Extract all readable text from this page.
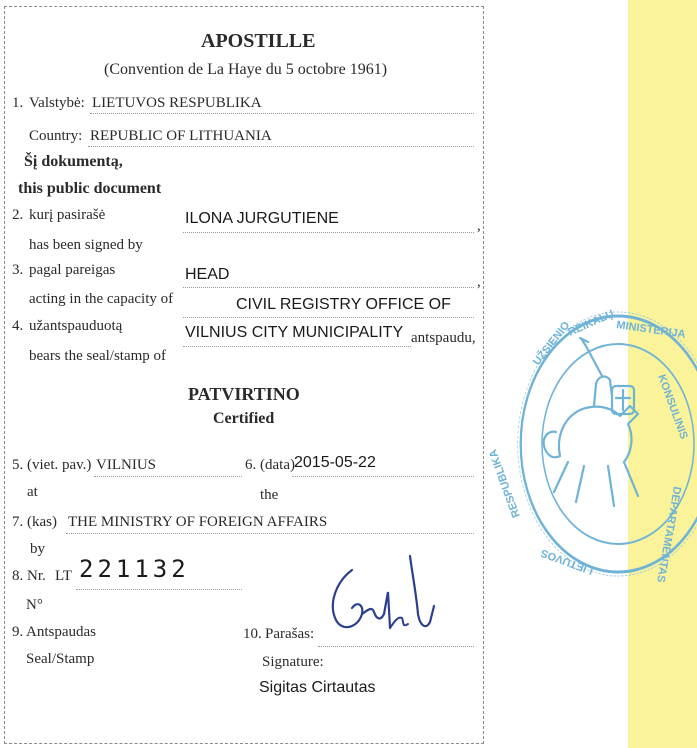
APOSTILLE
(Convention de La Haye du 5 octobre 1961)
1. Valstybė: LIETUVOS RESPUBLIKA
Country: REPUBLIC OF LITHUANIA
Šį dokumentą,
this public document
2. kurį pasirašė	ILONA JURGUTIENE	,
has been signed by
3. pagal pareigas	HEAD	,
acting in the capacity of	CIVIL REGISTRY OFFICE OF
4. užantspauduotą	VILNIUS CITY MUNICIPALITY antspaudu,
bears the seal/stamp of
PATVIRTINO
Certified
5. (viet. pav.) VILNIUS
at
6. (data) 2015-05-22
the
7. (kas) THE MINISTRY OF FOREIGN AFFAIRS
by
8. Nr. LT 221132
N°
9. Antspaudas
Seal/Stamp
10. Parašas:
Signature:
Sigitas Cirtautas
UŽSIENIO
REIKALŲ MINISTERIJA
KONSULINIS
DEPARTAMENTAS
LIETUVOS
RESPUBLIKA
